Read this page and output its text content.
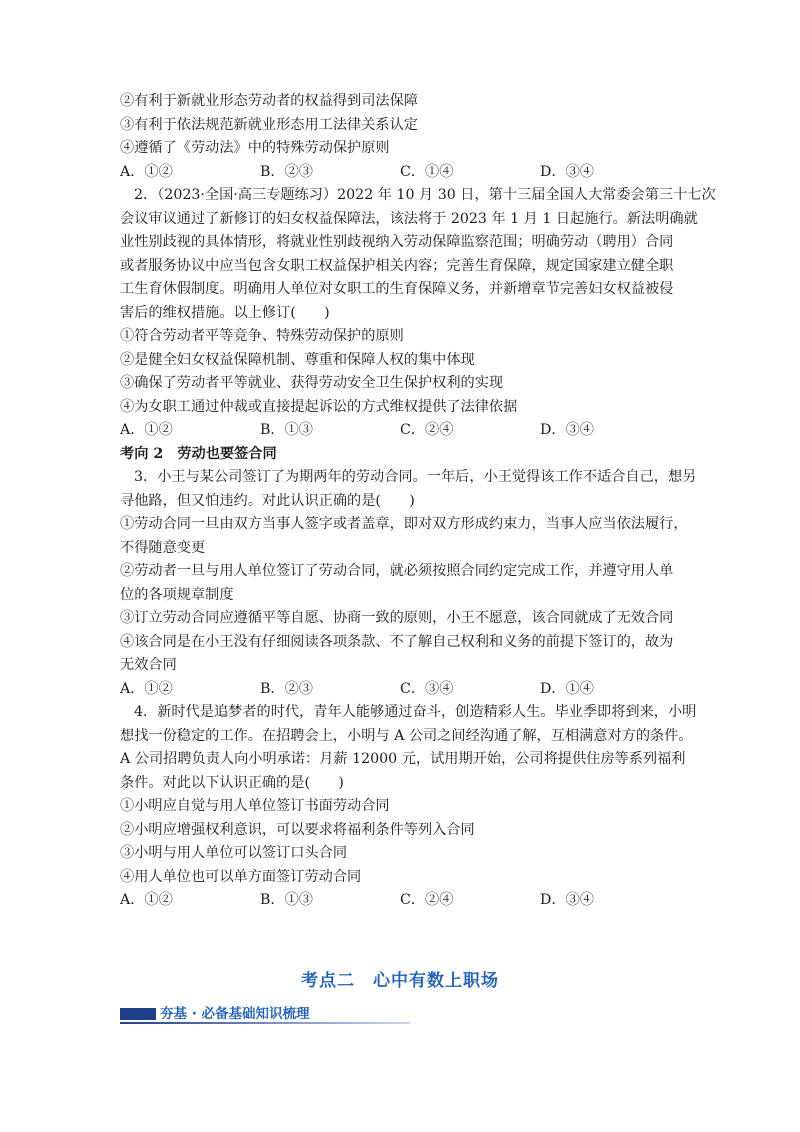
②有利于新就业形态劳动者的权益得到司法保障
③有利于依法规范新就业形态用工法律关系认定
④遵循了《劳动法》中的特殊劳动保护原则
A．①②	B．②③	C．①④	D．③④
2．（2023·全国·高三专题练习）2022 年 10 月 30 日，第十三届全国人大常委会第三十七次
会议审议通过了新修订的妇女权益保障法，该法将于 2023 年 1 月 1 日起施行。新法明确就
业性别歧视的具体情形，将就业性别歧视纳入劳动保障监察范围；明确劳动（聘用）合同
或者服务协议中应当包含女职工权益保护相关内容；完善生育保障，规定国家建立健全职
工生育休假制度。明确用人单位对女职工的生育保障义务，并新增章节完善妇女权益被侵
害后的维权措施。以上修订(　　)
①符合劳动者平等竞争、特殊劳动保护的原则
②是健全妇女权益保障机制、尊重和保障人权的集中体现
③确保了劳动者平等就业、获得劳动安全卫生保护权利的实现
④为女职工通过仲裁或直接提起诉讼的方式维权提供了法律依据
A．①②	B．①③	C．②④	D．③④
考向 2　劳动也要签合同
3．小王与某公司签订了为期两年的劳动合同。一年后，小王觉得该工作不适合自己，想另
寻他路，但又怕违约。对此认识正确的是(　　)
①劳动合同一旦由双方当事人签字或者盖章，即对双方形成约束力，当事人应当依法履行，
不得随意变更
②劳动者一旦与用人单位签订了劳动合同，就必须按照合同约定完成工作，并遵守用人单
位的各项规章制度
③订立劳动合同应遵循平等自愿、协商一致的原则，小王不愿意，该合同就成了无效合同
④该合同是在小王没有仔细阅读各项条款、不了解自己权利和义务的前提下签订的，故为
无效合同
A．①②	B．②③	C．③④	D．①④
4．新时代是追梦者的时代，青年人能够通过奋斗，创造精彩人生。毕业季即将到来，小明
想找一份稳定的工作。在招聘会上，小明与 A 公司之间经沟通了解，互相满意对方的条件。
A 公司招聘负责人向小明承诺：月薪 12000 元，试用期开始，公司将提供住房等系列福利
条件。对此以下认识正确的是(　　)
①小明应自觉与用人单位签订书面劳动合同
②小明应增强权利意识，可以要求将福利条件等列入合同
③小明与用人单位可以签订口头合同
④用人单位也可以单方面签订劳动合同
A．①②	B．①③	C．②④	D．③④
考点二　心中有数上职场
夯基 · 必备基础知识梳理
